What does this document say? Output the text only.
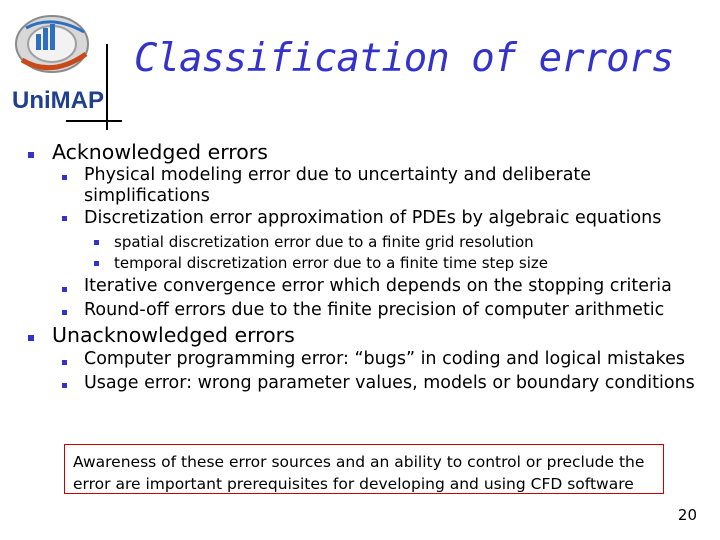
UniMAP
Classification of errors
Acknowledged errors
Physical modeling error due to uncertainty and deliberate
simplifications
Discretization error approximation of PDEs by algebraic equations
spatial discretization error due to a finite grid resolution
temporal discretization error due to a finite time step size
Iterative convergence error which depends on the stopping criteria
Round-off errors due to the finite precision of computer arithmetic
Unacknowledged errors
Computer programming error: “bugs” in coding and logical mistakes
Usage error: wrong parameter values, models or boundary conditions
Awareness of these error sources and an ability to control or preclude the
error are important prerequisites for developing and using CFD software
20
